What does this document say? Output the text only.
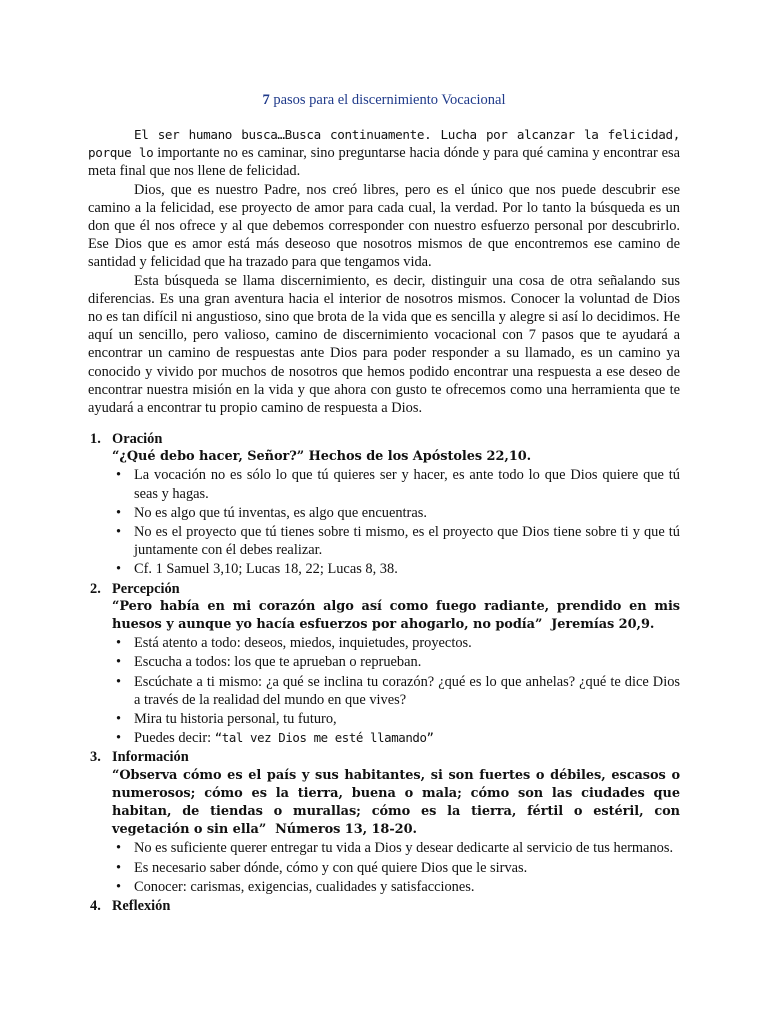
7 pasos para el discernimiento Vocacional

El ser humano busca…Busca continuamente. Lucha por alcanzar la felicidad, porque lo importante no es caminar, sino preguntarse hacia dónde y para qué camina y encontrar esa meta final que nos llene de felicidad.

Dios, que es nuestro Padre, nos creó libres, pero es el único que nos puede descubrir ese camino a la felicidad, ese proyecto de amor para cada cual, la verdad. Por lo tanto la búsqueda es un don que él nos ofrece y al que debemos corresponder con nuestro esfuerzo personal por descubrirlo. Ese Dios que es amor está más deseoso que nosotros mismos de que encontremos ese camino de santidad y felicidad que ha trazado para que tengamos vida.

Esta búsqueda se llama discernimiento, es decir, distinguir una cosa de otra señalando sus diferencias. Es una gran aventura hacia el interior de nosotros mismos. Conocer la voluntad de Dios no es tan difícil ni angustioso, sino que brota de la vida que es sencilla y alegre si así lo decidimos. He aquí un sencillo, pero valioso, camino de discernimiento vocacional con 7 pasos que te ayudará a encontrar un camino de respuestas ante Dios para poder responder a su llamado, es un camino ya conocido y vivido por muchos de nosotros que hemos podido encontrar una respuesta a ese deseo de encontrar nuestra misión en la vida y que ahora con gusto te ofrecemos como una herramienta que te ayudará a encontrar tu propio camino de respuesta a Dios.

1. Oración
“¿Qué debo hacer, Señor?” Hechos de los Apóstoles 22,10.
• La vocación no es sólo lo que tú quieres ser y hacer, es ante todo lo que Dios quiere que tú seas y hagas.
• No es algo que tú inventas, es algo que encuentras.
• No es el proyecto que tú tienes sobre ti mismo, es el proyecto que Dios tiene sobre ti y que tú juntamente con él debes realizar.
• Cf. 1 Samuel 3,10; Lucas 18, 22; Lucas 8, 38.
2. Percepción
“Pero había en mi corazón algo así como fuego radiante, prendido en mis huesos y aunque yo hacía esfuerzos por ahogarlo, no podía”  Jeremías 20,9.
• Está atento a todo: deseos, miedos, inquietudes, proyectos.
• Escucha a todos: los que te aprueban o reprueban.
• Escúchate a ti mismo: ¿a qué se inclina tu corazón? ¿qué es lo que anhelas? ¿qué te dice Dios a través de la realidad del mundo en que vives?
• Mira tu historia personal, tu futuro,
• Puedes decir: “tal vez Dios me esté llamando”
3. Información
“Observa cómo es el país y sus habitantes, si son fuertes o débiles, escasos o numerosos; cómo es la tierra, buena o mala; cómo son las ciudades que habitan, de tiendas o murallas; cómo es la tierra, fértil o estéril, con vegetación o sin ella”  Números 13, 18-20.
• No es suficiente querer entregar tu vida a Dios y desear dedicarte al servicio de tus hermanos.
• Es necesario saber dónde, cómo y con qué quiere Dios que le sirvas.
• Conocer: carismas, exigencias, cualidades y satisfacciones.
4. Reflexión
